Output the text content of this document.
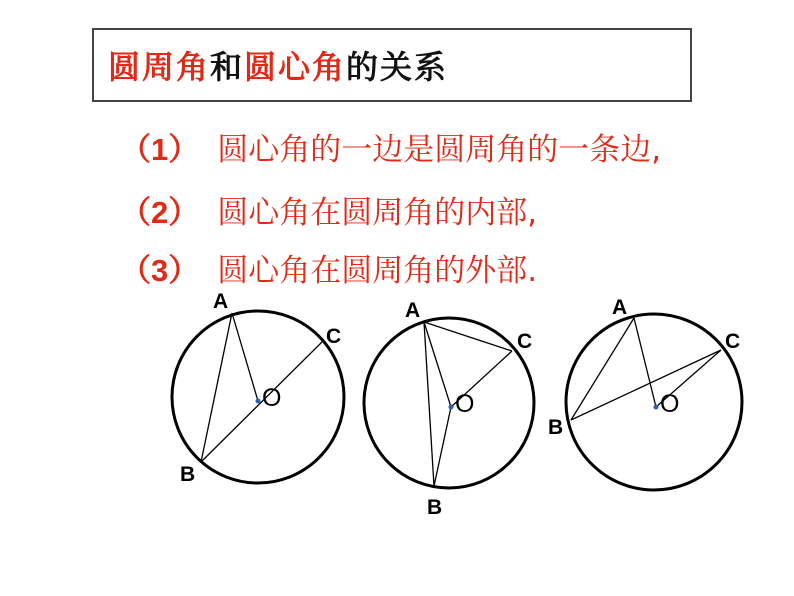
圆周角 和 圆心角 的关系
（1） 圆心角的一边是圆周角的一条边,
（2） 圆心角在圆周角的内部,
（3） 圆心角在圆周角的外部.
A
C
O
B
A
C
O
B
A
C
O
B
